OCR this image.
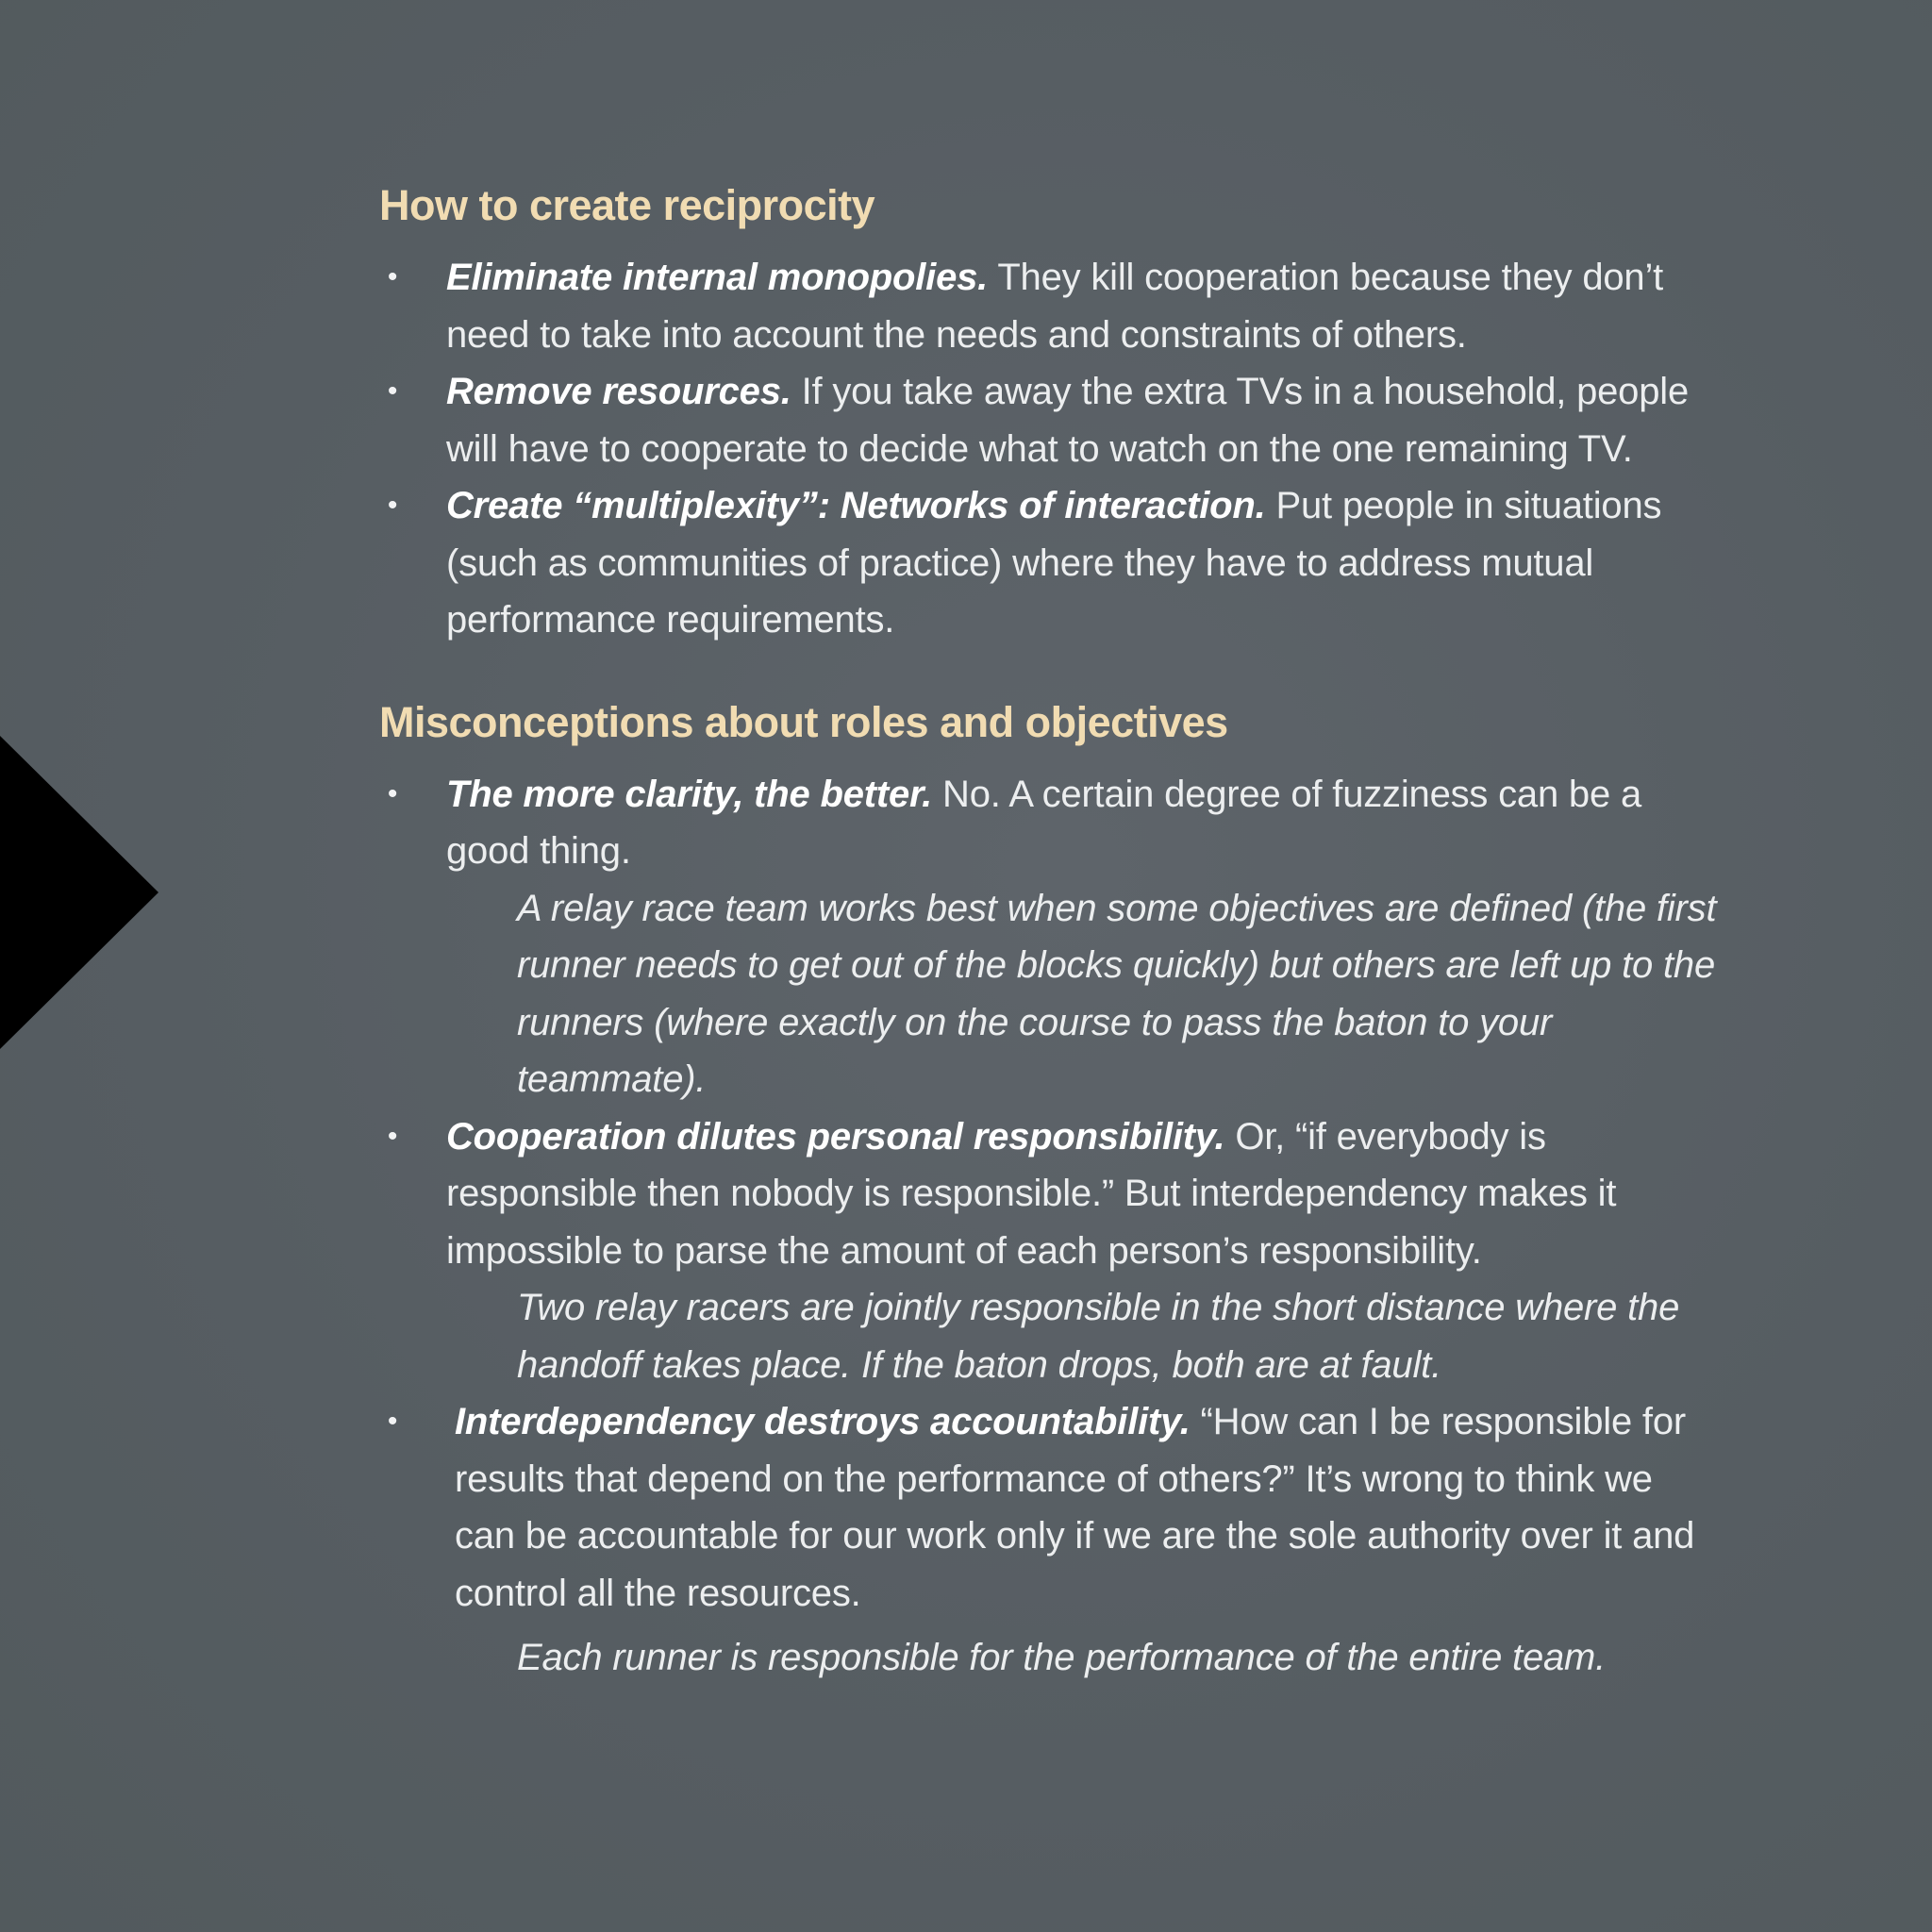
How to create reciprocity
• Eliminate internal monopolies. They kill cooperation because they don’t need to take into account the needs and constraints of others.
• Remove resources. If you take away the extra TVs in a household, people will have to cooperate to decide what to watch on the one remaining TV.
• Create “multiplexity”: Networks of interaction. Put people in situations (such as communities of practice) where they have to address mutual performance requirements.
Misconceptions about roles and objectives
• The more clarity, the better. No. A certain degree of fuzziness can be a good thing.
A relay race team works best when some objectives are defined (the first runner needs to get out of the blocks quickly) but others are left up to the runners (where exactly on the course to pass the baton to your teammate).
• Cooperation dilutes personal responsibility. Or, “if everybody is responsible then nobody is responsible.” But interdependency makes it impossible to parse the amount of each person’s responsibility.
Two relay racers are jointly responsible in the short distance where the handoff takes place. If the baton drops, both are at fault.
• Interdependency destroys accountability. “How can I be responsible for results that depend on the performance of others?” It’s wrong to think we can be accountable for our work only if we are the sole authority over it and control all the resources.
Each runner is responsible for the performance of the entire team.
